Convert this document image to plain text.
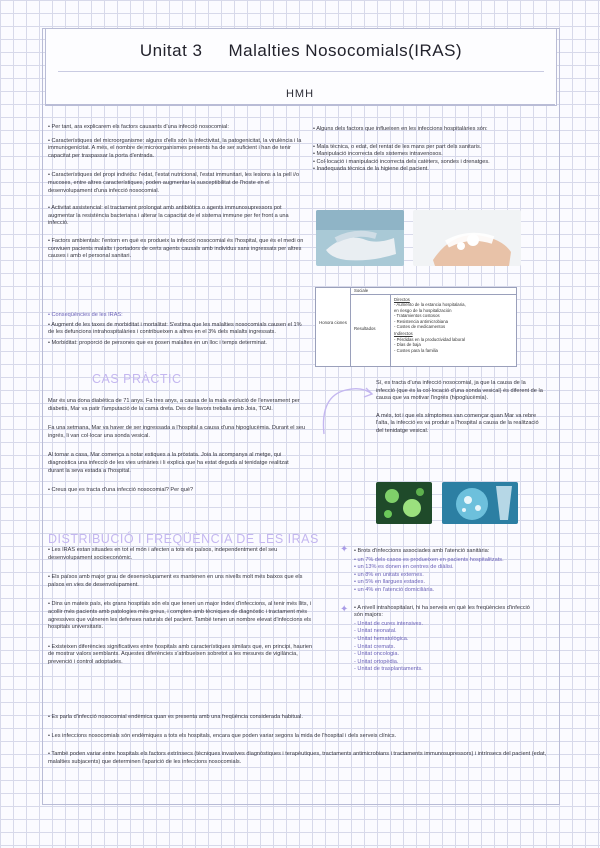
Unitat 3 Malalties Nosocomials(IRAS)
HMH

• Per tant, ara explicarem els factors causants d'una infecció nosocomial:

• Característiques del microorganisme: alguns d'ells són la infectivitat, la patogenicitat, la virulència i la immunogenicitat. A més, el nombre de microorganismes presents ha de ser suficient i han de tenir capacitat per traspassar la porta d'entrada.

• Característiques del propi individu: l'edat, l'estat nutricional, l'estat immunitari, les lesions a la pell i/o mucoses, entre altres característiques, poden augmentar la susceptibilitat de l'hoste en el desenvolupament d'una infecció nosocomial.

• Activitat assistencial: el tractament prolongat amb antibiòtics o agents immunosupressors pot augmentar la resistència bacteriana i alterar la capacitat de el sistema immune per fer front a una infecció.

• Factors ambientals: l'entorn en què es produeix la infecció nosocomial és l'hospital, que és el medi on conviuen pacients malalts i portadors de certs agents causals amb individus sans ingressats per altres causes i amb el personal sanitari.

• Conseqüències de les IRAS:

• Augment de les taxes de morbiditat i mortalitat: S'estima que les malalties nosocomials causen el 1% de les defuncions intrahospitalàries i contribueixen a altres en el 3% dels malalts ingressats.

• Morbiditat: proporció de persones que es posen malaltes en un lloc i temps determinat.

• Alguns dels factors que influeixen en les infeccions hospitalàries són:

• Mala tècnica, o edat, del rentat de les mans per part dels sanitaris.
• Manipulació incorrecta dels sistemes intravenosos.
• Col·locació i manipulació incorrecta dels catèters, sondes i drenatges.
• Inadequada tècnica de la higiene del pacient.
Sociale
Honora ciones
Resultados
Directos
- Aumento de la estancia hospitalaria,
en riesgo de la hospitalización
- Tratamientos costosos
- Resistencia antimicrobiana
- Costes de medicamentos
Indirectos
- Pérdidas en la productividad laboral
- Días de baja
- Costes para la familia
CAS PRÀCTIC

Mar és una dona diabètica de 71 anys. Fa tres anys, a causa de la mala evolució de l'enverament per diabetis, Mar va patir l'amputació de la cama dreta. Des de llavors treballa amb Joia, TCAI.

Fa una setmana, Mar va haver de ser ingressada a l'hospital a causa d'una hipoglucèmia. Durant el seu ingrés, li van col·locar una sonda vesical.

Al tornar a casa, Mar comença a notar estiques a la pròstata. Joia la acompanya al metge, qui diagnostica una infecció de les vies urinàries i li explica que ha estat deguda al tenidatge realitzat durant la seva estada a l'hospital.

• Creus que es tracta d'una infecció nosocomial? Per què?

Sí, es tracta d'una infecció nosocomial, ja que la causa de la infecció (que és la col·locació d'una sonda vesical) és diferent de la causa que va motivar l'ingrés (hipoglucèmia).

A més, tot i que els símptomes van començar quan Mar va rebre l'alta, la infecció es va produir a l'hospital a causa de la realització del tenidatge vesical.

DISTRIBUCIÓ I FREQÜÈNCIA DE LES IRAS

• Les IRAS estan situades en tot el món i afecten a tots els països, independentment del seu desenvolupament socioeconòmic.

• Els països amb major grau de desenvolupament es mantenen en uns nivells molt més baixos que els països en vies de desenvolupament.

• Dins un mateix país, els grans hospitals són els que tenen un major índex d'infeccions, al tenir més llits, i acollir més pacients amb patologies més greus, i compten amb tècniques de diagnòstic i tractament més agressives que vulneren les defenses naturals del pacient. També tenen un nombre elevat d'infeccions els hospitals universitaris.

• Existeixen diferències significatives entre hospitals amb característiques similars que, en principi, haurien de mostrar valors semblants. Aquestes diferències s'atribueixen sobretot a les mesures de vigilància, prevenció i control adoptades.

✦
✦

• Brots d'infeccions associades amb l'atenció sanitària:

• un 7% dels casos es produeixen en pacients hospitalitzats.
• un 13% es donen en centres de diàlisi.
• un 8% en unitats externes.
• un 5% en llargues estades.
• un 4% en l'atenció domiciliària.

• A nivell intrahospitalari, hi ha serveis en què les freqüències d'infecció són majors:

- Unitat de cures intensives.
- Unitat neonatal.
- Unitat hematològica.
- Unitat cremats.
- Unitat oncologia.
- Unitat ortopèdia.
- Unitat de trasplantaments.

• Es parla d'infecció nosocomial endèmica quan es presenta amb una freqüència considerada habitual.

• Les infeccions nosocomials són endèmiques a tots els hospitals, encara que poden variar segons la mida de l'hospital i dels serveis clínics.

• També poden variar entre hospitals els factors extrínsecs (tècniques invasives diagnòstiques i terapèutiques, tractaments antimicrobians i tractaments immunosupressors) i intrínsecs del pacient (edat, malalties subjacents) que determinen l'aparició de les infeccions nosocomials.
